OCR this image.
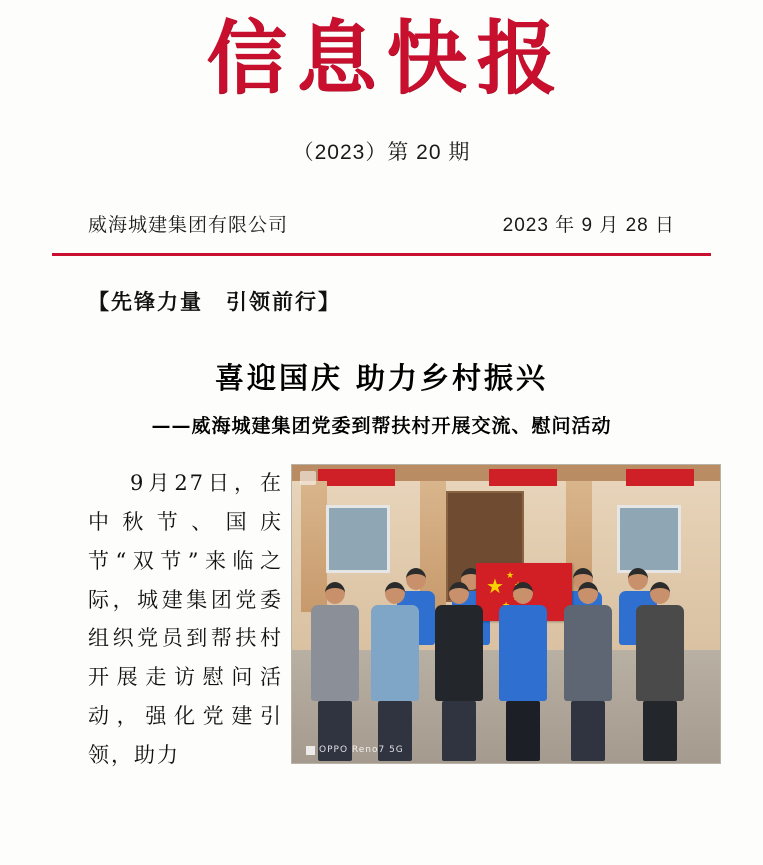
信息快报
（2023）第 20 期
威海城建集团有限公司	2023 年 9 月 28 日
【先锋力量　引领前行】
喜迎国庆 助力乡村振兴
——威海城建集团党委到帮扶村开展交流、慰问活动

9月27日，在中秋节、国庆节“双节”来临之际，城建集团党委组织党员到帮扶村开展走访慰问活动，强化党建引领，助力

★
★
OPPO Reno7 5G
